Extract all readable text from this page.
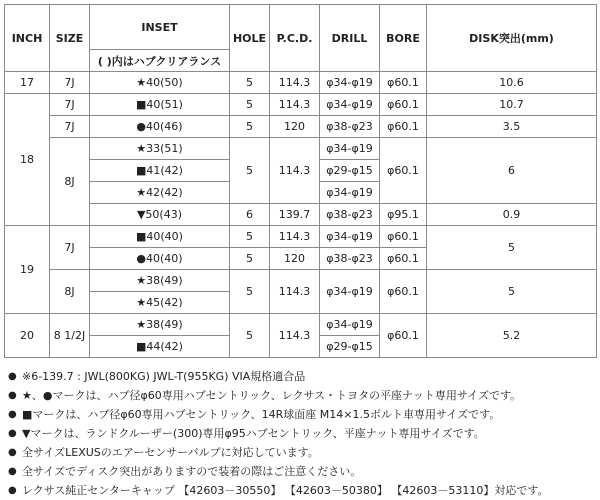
INCH	SIZE	INSET	HOLE	P.C.D.	DRILL	BORE	DISK突出(mm)
		( )内はハブクリアランス					
17	7J	★40(50)	5	114.3	φ34-φ19	φ60.1	10.6
18	7J	■40(51)	5	114.3	φ34-φ19	φ60.1	10.7
	7J	●40(46)	5	120	φ38-φ23	φ60.1	3.5
	8J	★33(51)	5	114.3	φ34-φ19	φ60.1	6
		■41(42)			φ29-φ15		
		★42(42)			φ34-φ19		
		▼50(43)	6	139.7	φ38-φ23	φ95.1	0.9
19	7J	■40(40)	5	114.3	φ34-φ19	φ60.1	5
		●40(40)	5	120	φ38-φ23	φ60.1	
	8J	★38(49)	5	114.3	φ34-φ19	φ60.1	5
		★45(42)					
20	8 1/2J	★38(49)	5	114.3	φ34-φ19	φ60.1	5.2
		■44(42)			φ29-φ15		
● ※6-139.7 : JWL(800KG) JWL-T(955KG) VIA規格適合品
● ★、●マークは、ハブ径φ60専用ハブセントリック、レクサス・トヨタの平座ナット専用サイズです。
● ■マークは、ハブ径φ60専用ハブセントリック、14R球面座 M14×1.5ボルト車専用サイズです。
● ▼マークは、ランドクルーザー(300)専用φ95ハブセントリック、平座ナット専用サイズです。
● 全サイズLEXUSのエアーセンサーバルブに対応しています。
● 全サイズでディスク突出がありますので装着の際はご注意ください。
● レクサス純正センターキャップ 【42603－30550】 【42603－50380】 【42603－53110】対応です。
